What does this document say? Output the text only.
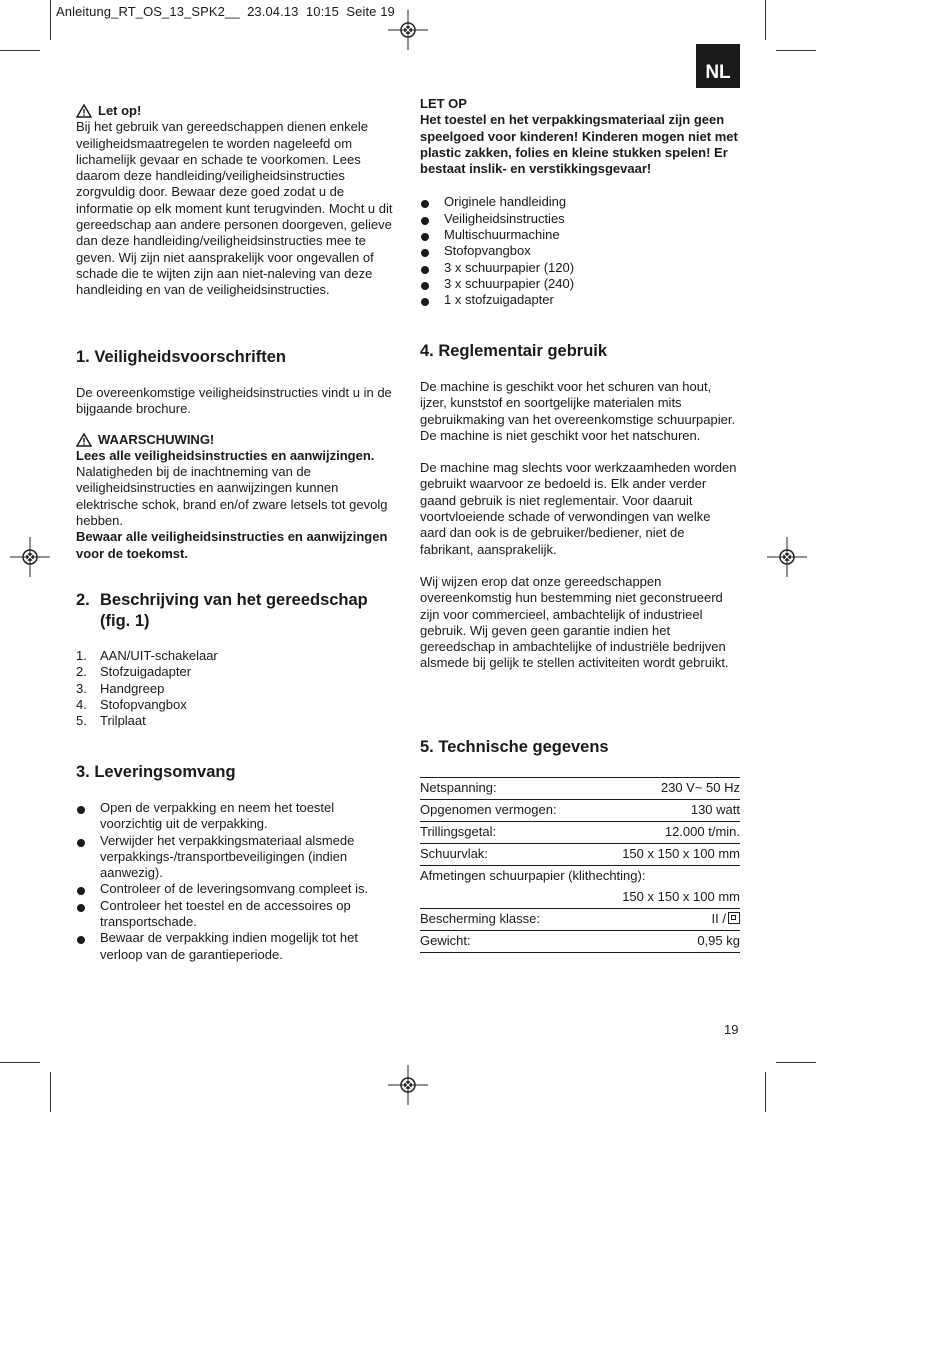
Anleitung_RT_OS_13_SPK2__  23.04.13  10:15  Seite 19
NL
Let op!

Bij het gebruik van gereedschappen dienen enkele veiligheidsmaatregelen te worden nageleefd om lichamelijk gevaar en schade te voorkomen. Lees daarom deze handleiding/veiligheidsinstructies zorgvuldig door. Bewaar deze goed zodat u de informatie op elk moment kunt terugvinden. Mocht u dit gereedschap aan andere personen doorgeven, gelieve dan deze handleiding/veiligheidsinstructies mee te geven. Wij zijn niet aansprakelijk voor ongevallen of schade die te wijten zijn aan niet-naleving van deze handleiding en van de veiligheidsinstructies.

1. Veiligheidsvoorschriften

De overeenkomstige veiligheidsinstructies vindt u in de bijgaande brochure.

WAARSCHUWING!

Lees alle veiligheidsinstructies en aanwijzingen.

Nalatigheden bij de inachtneming van de veiligheidsinstructies en aanwijzingen kunnen elektrische schok, brand en/of zware letsels tot gevolg hebben.

Bewaar alle veiligheidsinstructies en aanwijzingen voor de toekomst.

2. Beschrijving van het gereedschap (fig. 1)
1.	AAN/UIT-schakelaar
2.	Stofzuigadapter
3.	Handgreep
4.	Stofopvangbox
5.	Trilplaat
3. Leveringsomvang
Open de verpakking en neem het toestel voorzichtig uit de verpakking.
Verwijder het verpakkingsmateriaal alsmede verpakkings-/transportbeveiligingen (indien aanwezig).
Controleer of de leveringsomvang compleet is.
Controleer het toestel en de accessoires op transportschade.
Bewaar de verpakking indien mogelijk tot het verloop van de garantieperiode.

LET OP

Het toestel en het verpakkingsmateriaal zijn geen speelgoed voor kinderen! Kinderen mogen niet met plastic zakken, folies en kleine stukken spelen! Er bestaat inslik- en verstikkingsgevaar!

Originele handleiding
Veiligheidsinstructies
Multischuurmachine
Stofopvangbox
3 x schuurpapier (120)
3 x schuurpapier (240)
1 x stofzuigadapter
4. Reglementair gebruik

De machine is geschikt voor het schuren van hout, ijzer, kunststof en soortgelijke materialen mits gebruikmaking van het overeenkomstige schuurpapier. De machine is niet geschikt voor het natschuren.

De machine mag slechts voor werkzaamheden worden gebruikt waarvoor ze bedoeld is. Elk ander verder gaand gebruik is niet reglementair. Voor daaruit voortvloeiende schade of verwondingen van welke aard dan ook is de gebruiker/bediener, niet de fabrikant, aansprakelijk.

Wij wijzen erop dat onze gereedschappen overeenkomstig hun bestemming niet geconstrueerd zijn voor commercieel, ambachtelijk of industrieel gebruik. Wij geven geen garantie indien het gereedschap in ambachtelijke of industriële bedrijven alsmede bij gelijk te stellen activiteiten wordt gebruikt.

5. Technische gegevens
Netspanning:	230 V~ 50 Hz
Opgenomen vermogen:	130 watt
Trillingsgetal:	12.000 t/min.
Schuurvlak:	150 x 150 x 100 mm
Afmetingen schuurpapier (klithechting):	
	150 x 150 x 100 mm
Bescherming klasse:	II /
Gewicht:	0,95 kg
19
